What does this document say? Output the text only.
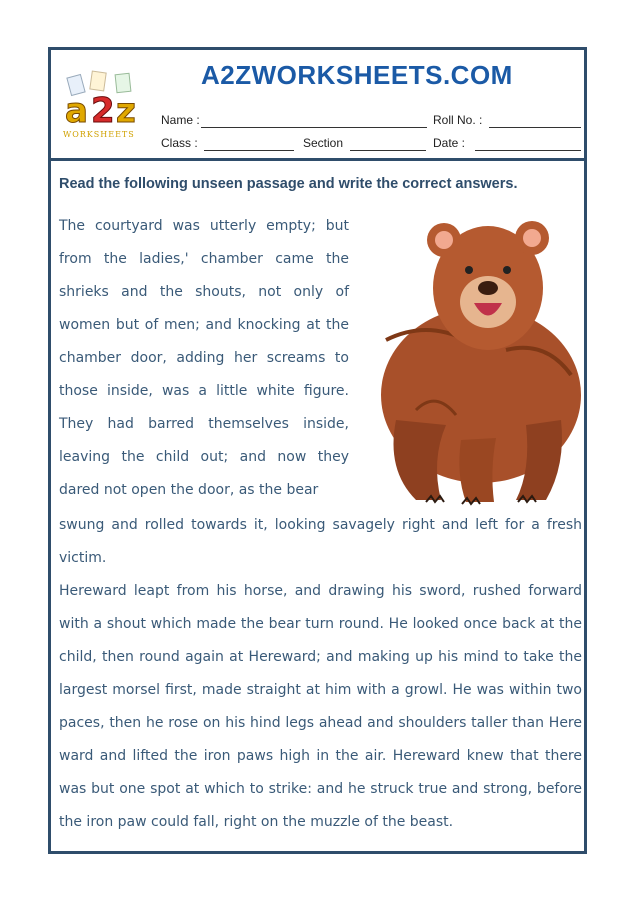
a 2 z
WORKSHEETS
A2ZWORKSHEETS.COM
Name :	Roll No. :
Class :	Section	Date :
Read the following unseen passage and write the correct answers.
The courtyard was utterly empty; but from the ladies,' chamber came the shrieks and the shouts, not only of women but of men; and knocking at the chamber door, adding her screams to those inside, was a little white figure. They had barred themselves inside, leaving the child out; and now they dared not open the door, as the bear
swung and rolled towards it, looking savagely right and left for a fresh victim.
Hereward leapt from his horse, and drawing his sword, rushed forward with a shout which made the bear turn round. He looked once back at the child, then round again at Hereward; and making up his mind to take the largest morsel first, made straight at him with a growl. He was within two paces, then he rose on his hind legs ahead and shoulders taller than Here ward and lifted the iron paws high in the air. Hereward knew that there was but one spot at which to strike: and he struck true and strong, before the iron paw could fall, right on the muzzle of the beast.
